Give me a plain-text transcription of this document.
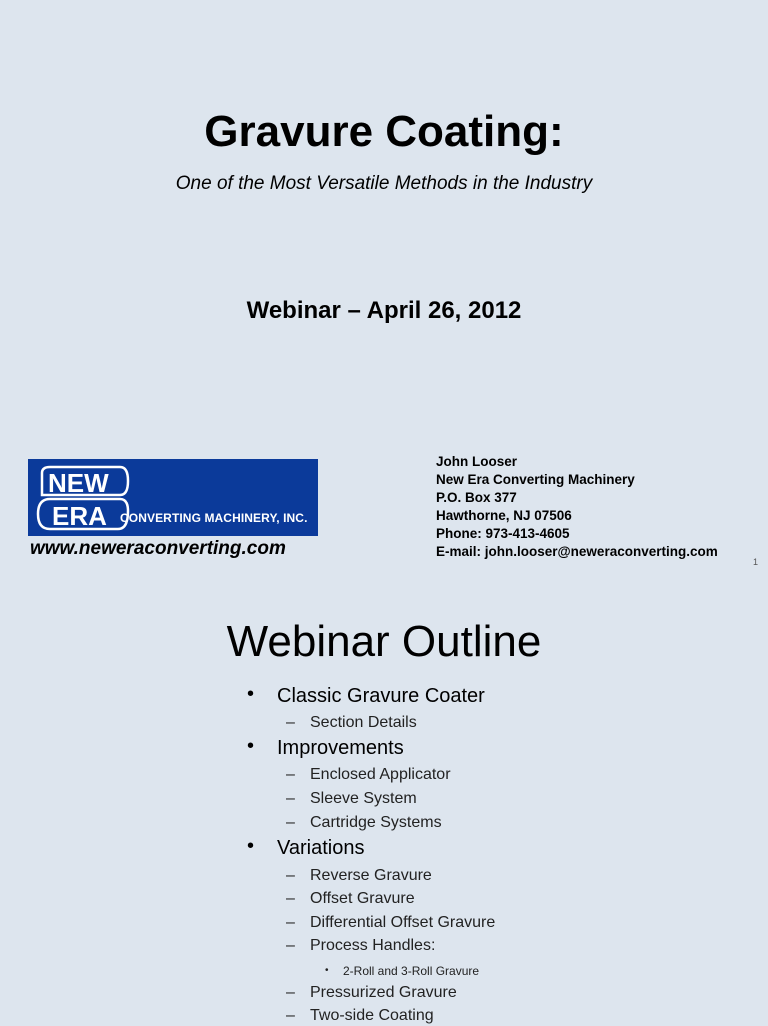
Gravure Coating:
One of the Most Versatile Methods in the Industry
Webinar – April 26, 2012
NEW
ERA CONVERTING MACHINERY, INC.
www.neweraconverting.com
John Looser
New Era Converting Machinery
P.O. Box 377
Hawthorne, NJ 07506
Phone: 973-413-4605
E-mail: john.looser@neweraconverting.com
1
Webinar Outline
• Classic Gravure Coater
– Section Details
• Improvements
– Enclosed Applicator
– Sleeve System
– Cartridge Systems
• Variations
– Reverse Gravure
– Offset Gravure
– Differential Offset Gravure
– Process Handles:
• 2-Roll and 3-Roll Gravure
– Pressurized Gravure
– Two-side Coating
